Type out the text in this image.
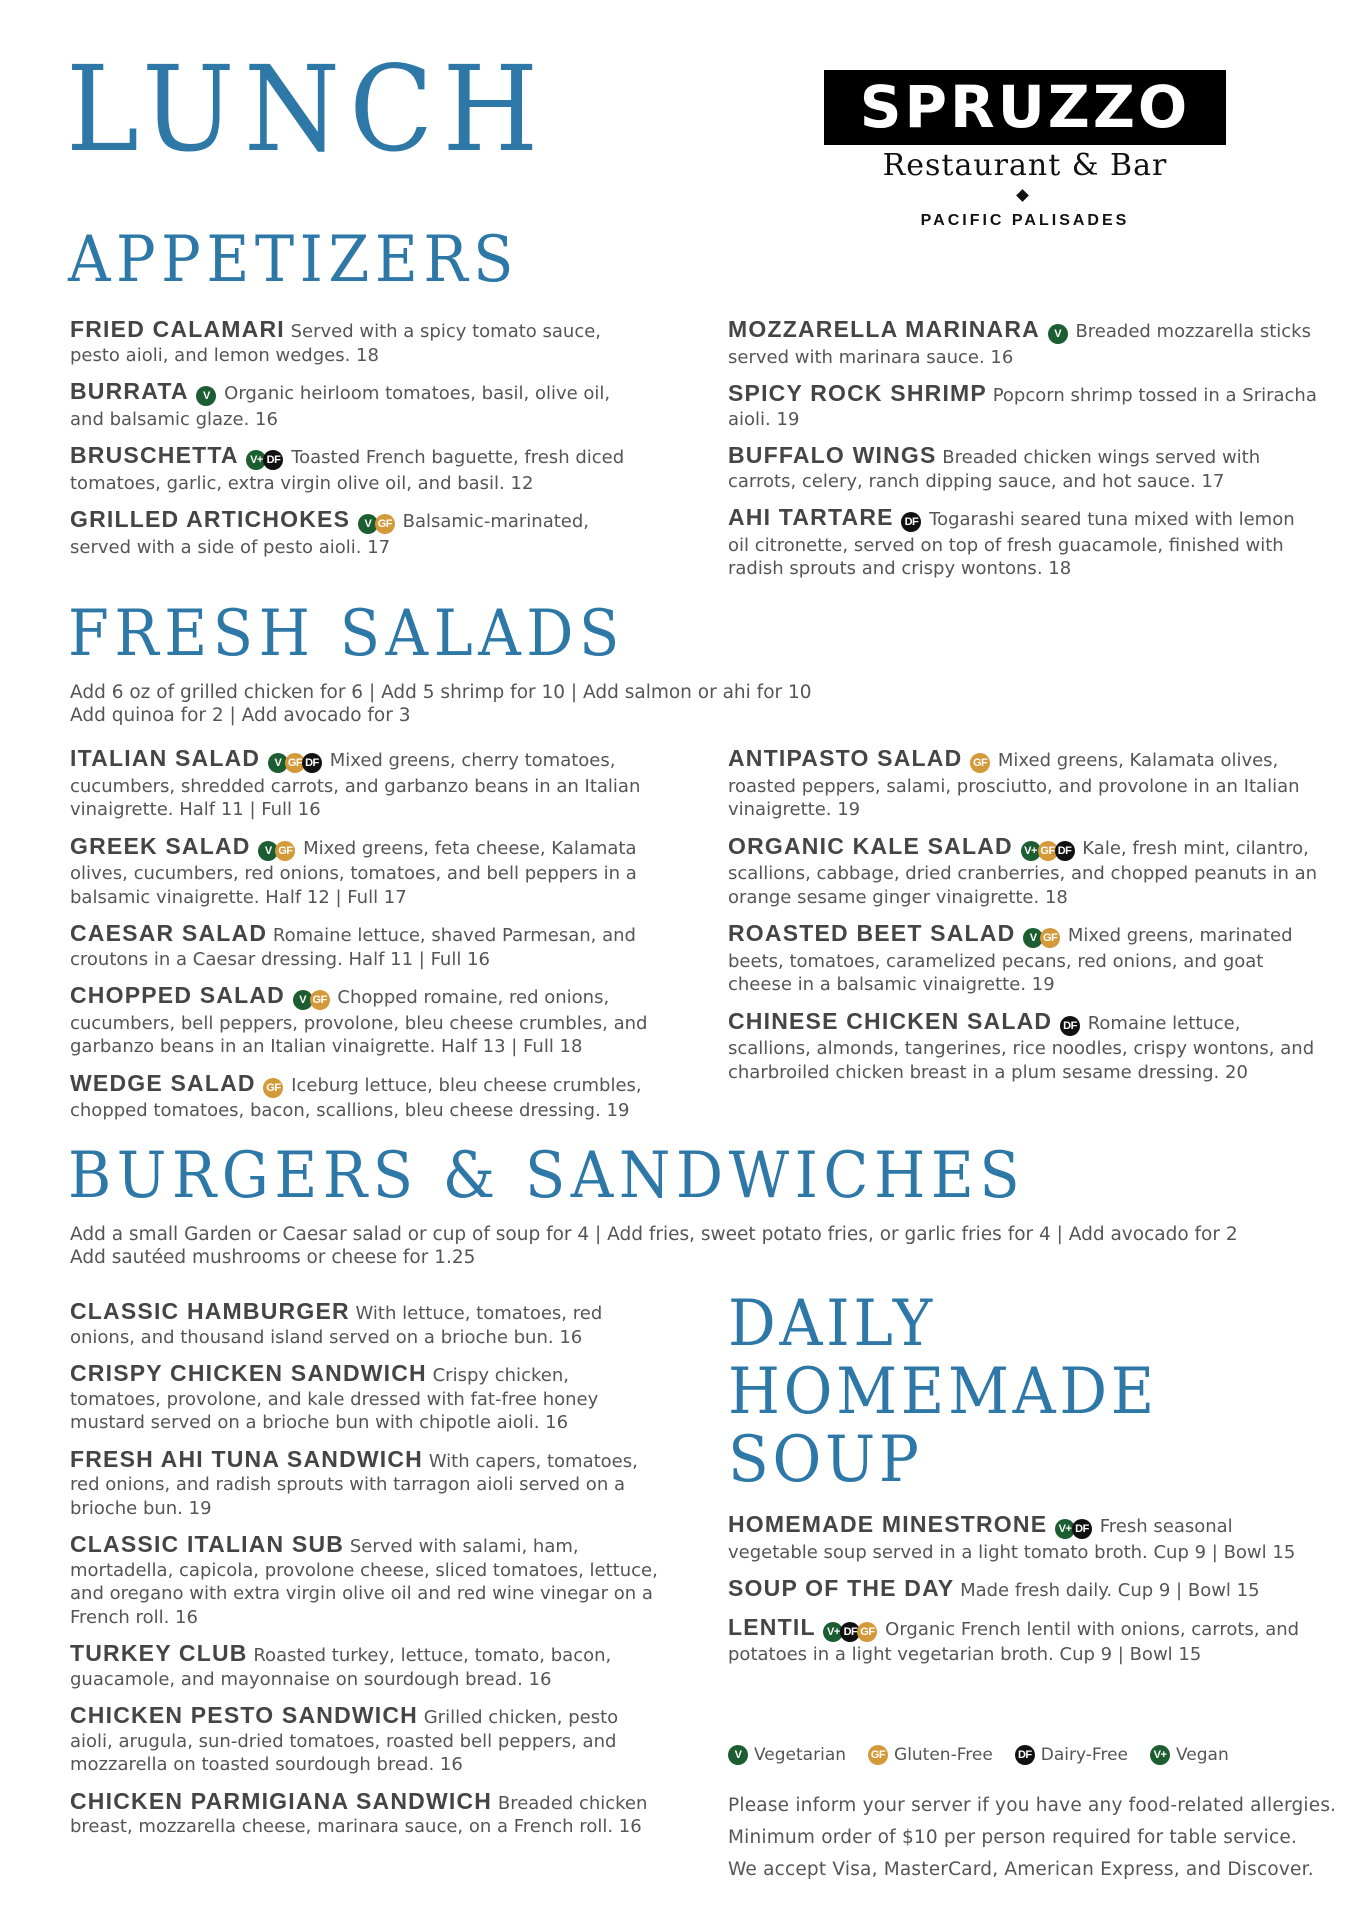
LUNCH	SPRUZZO
Restaurant & Bar
PACIFIC PALISADES
APPETIZERS
FRIED CALAMARI Served with a spicy tomato sauce, pesto aioli, and lemon wedges. 18
BURRATA V Organic heirloom tomatoes, basil, olive oil, and balsamic glaze. 16
BRUSCHETTA V+ DF Toasted French baguette, fresh diced tomatoes, garlic, extra virgin olive oil, and basil. 12
GRILLED ARTICHOKES V GF Balsamic-marinated, served with a side of pesto aioli. 17
MOZZARELLA MARINARA V Breaded mozzarella sticks served with marinara sauce. 16
SPICY ROCK SHRIMP Popcorn shrimp tossed in a Sriracha aioli. 19
BUFFALO WINGS Breaded chicken wings served with carrots, celery, ranch dipping sauce, and hot sauce. 17
AHI TARTARE DF Togarashi seared tuna mixed with lemon oil citronette, served on top of fresh guacamole, finished with radish sprouts and crispy wontons. 18
FRESH SALADS
Add 6 oz of grilled chicken for 6 | Add 5 shrimp for 10 | Add salmon or ahi for 10
Add quinoa for 2 | Add avocado for 3
ITALIAN SALAD V GF DF Mixed greens, cherry tomatoes, cucumbers, shredded carrots, and garbanzo beans in an Italian vinaigrette. Half 11 | Full 16
GREEK SALAD V GF Mixed greens, feta cheese, Kalamata olives, cucumbers, red onions, tomatoes, and bell peppers in a balsamic vinaigrette. Half 12 | Full 17
CAESAR SALAD Romaine lettuce, shaved Parmesan, and croutons in a Caesar dressing. Half 11 | Full 16
CHOPPED SALAD V GF Chopped romaine, red onions, cucumbers, bell peppers, provolone, bleu cheese crumbles, and garbanzo beans in an Italian vinaigrette. Half 13 | Full 18
WEDGE SALAD GF Iceburg lettuce, bleu cheese crumbles, chopped tomatoes, bacon, scallions, bleu cheese dressing. 19
ANTIPASTO SALAD GF Mixed greens, Kalamata olives, roasted peppers, salami, prosciutto, and provolone in an Italian vinaigrette. 19
ORGANIC KALE SALAD V+ GF DF Kale, fresh mint, cilantro, scallions, cabbage, dried cranberries, and chopped peanuts in an orange sesame ginger vinaigrette. 18
ROASTED BEET SALAD V GF Mixed greens, marinated beets, tomatoes, caramelized pecans, red onions, and goat cheese in a balsamic vinaigrette. 19
CHINESE CHICKEN SALAD DF Romaine lettuce, scallions, almonds, tangerines, rice noodles, crispy wontons, and charbroiled chicken breast in a plum sesame dressing. 20
BURGERS & SANDWICHES
Add a small Garden or Caesar salad or cup of soup for 4 | Add fries, sweet potato fries, or garlic fries for 4 | Add avocado for 2
Add sautéed mushrooms or cheese for 1.25
CLASSIC HAMBURGER With lettuce, tomatoes, red onions, and thousand island served on a brioche bun. 16
CRISPY CHICKEN SANDWICH Crispy chicken, tomatoes, provolone, and kale dressed with fat-free honey mustard served on a brioche bun with chipotle aioli. 16
FRESH AHI TUNA SANDWICH With capers, tomatoes, red onions, and radish sprouts with tarragon aioli served on a brioche bun. 19
CLASSIC ITALIAN SUB Served with salami, ham, mortadella, capicola, provolone cheese, sliced tomatoes, lettuce, and oregano with extra virgin olive oil and red wine vinegar on a French roll. 16
TURKEY CLUB Roasted turkey, lettuce, tomato, bacon, guacamole, and mayonnaise on sourdough bread. 16
CHICKEN PESTO SANDWICH Grilled chicken, pesto aioli, arugula, sun-dried tomatoes, roasted bell peppers, and mozzarella on toasted sourdough bread. 16
CHICKEN PARMIGIANA SANDWICH Breaded chicken breast, mozzarella cheese, marinara sauce, on a French roll. 16
DAILY
HOMEMADE
SOUP
HOMEMADE MINESTRONE V+ DF Fresh seasonal vegetable soup served in a light tomato broth. Cup 9 | Bowl 15
SOUP OF THE DAY Made fresh daily. Cup 9 | Bowl 15
LENTIL V+ DF GF Organic French lentil with onions, carrots, and potatoes in a light vegetarian broth. Cup 9 | Bowl 15
V Vegetarian GF Gluten-Free DF Dairy-Free V+ Vegan
Please inform your server if you have any food-related allergies.
Minimum order of $10 per person required for table service.
We accept Visa, MasterCard, American Express, and Discover.
